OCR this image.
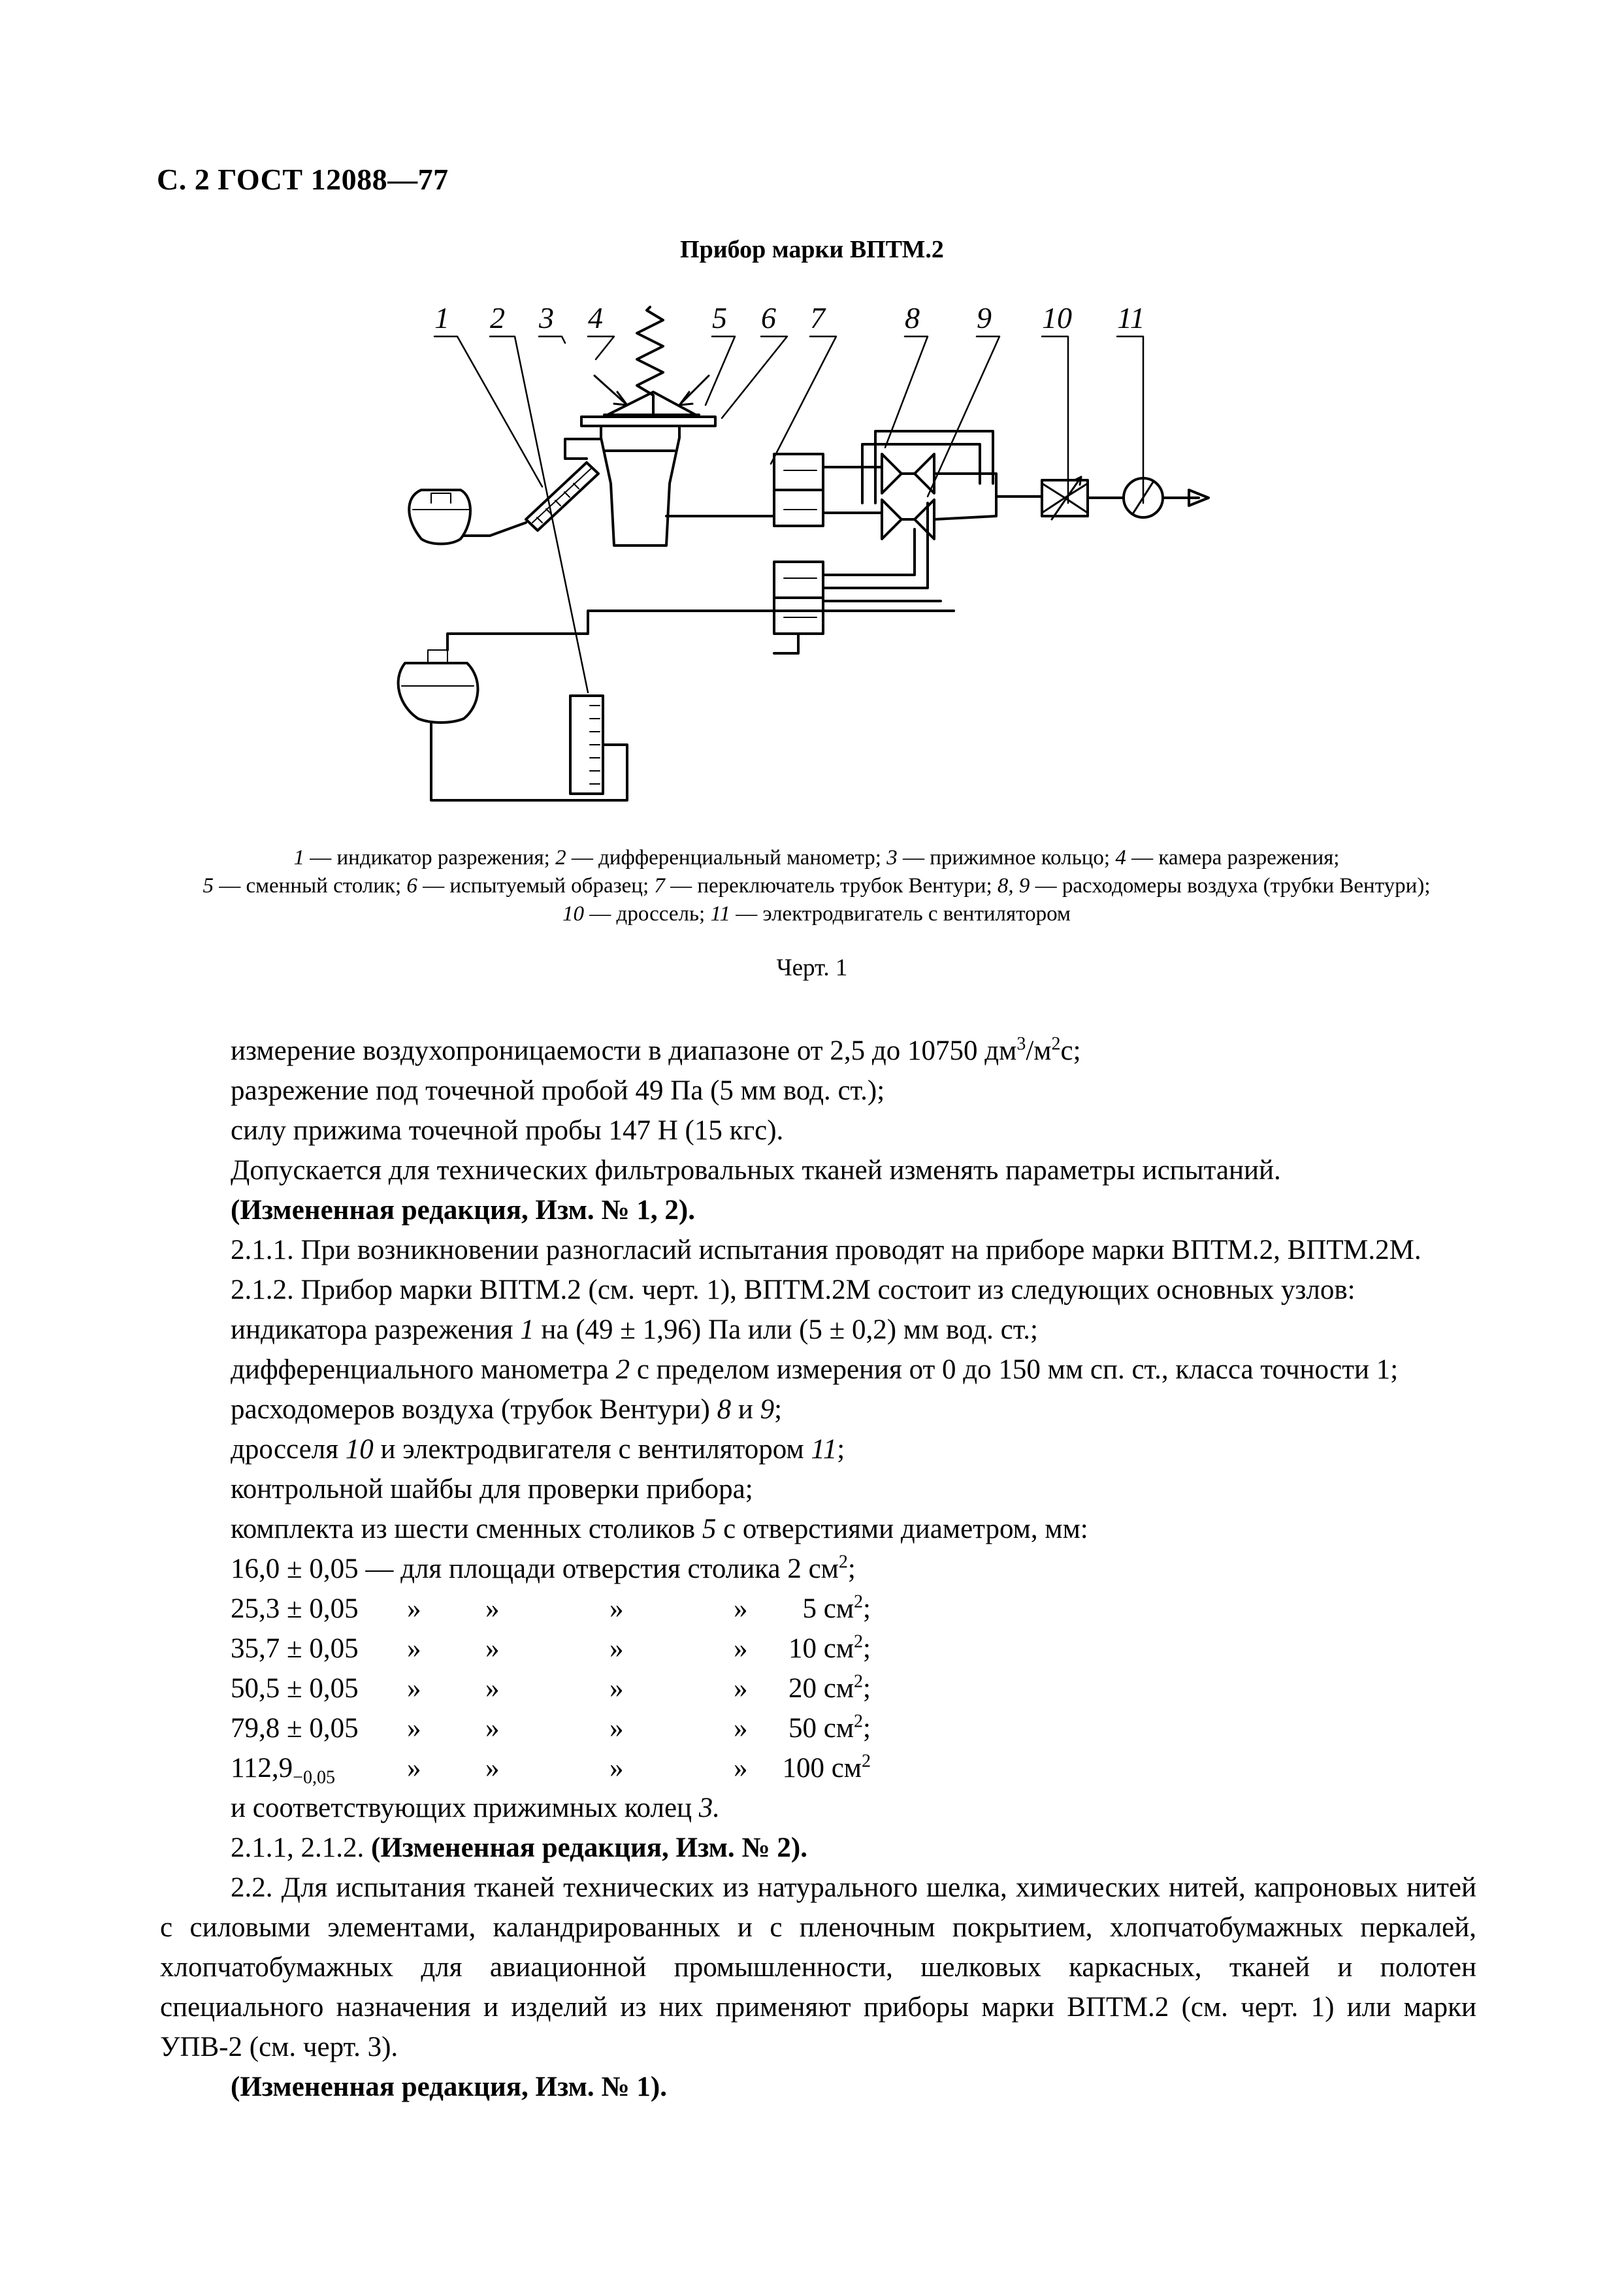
С. 2 ГОСТ 12088—77
Прибор марки ВПТМ.2
1 2 3 4	5 6 7	8 9 10 11
1 — индикатор разрежения; 2 — дифференциальный манометр; 3 — прижимное кольцо; 4 — камера разрежения;
5 — сменный столик; 6 — испытуемый образец; 7 — переключатель трубок Вентури; 8, 9 — расходомеры воздуха (трубки Вентури); 10 — дроссель; 11 — электродвигатель с вентилятором
Черт. 1

измерение воздухопроницаемости в диапазоне от 2,5 до 10750 $дм^3/м^2с$;

разрежение под точечной пробой 49 Па (5 мм вод. ст.);

силу прижима точечной пробы 147 Н (15 кгс).

Допускается для технических фильтровальных тканей изменять параметры испытаний.

(Измененная редакция, Изм. № 1, 2).

2.1.1. При возникновении разногласий испытания проводят на приборе марки ВПТМ.2, ВПТМ.2М.

2.1.2. Прибор марки ВПТМ.2 (см. черт. 1), ВПТМ.2М состоит из следующих основных узлов:

индикатора разрежения 1 на (49 ± 1,96) Па или (5 ± 0,2) мм вод. ст.;

дифференциального манометра 2 с пределом измерения от 0 до 150 мм сп. ст., класса точности 1;

расходомеров воздуха (трубок Вентури) 8 и 9;

дросселя 10 и электродвигателя с вентилятором 11;

контрольной шайбы для проверки прибора;

комплекта из шести сменных столиков 5 с отверстиями диаметром, мм:

16,0 ± 0,05 — для площади отверстия столика 2 $см^2$;

25,3 ± 0,05	»	»	»	»	5 $см^2$;
35,7 ± 0,05	»	»	»	»	10 $см^2$;
50,5 ± 0,05	»	»	»	»	20 $см^2$;
79,8 ± 0,05	»	»	»	»	50 $см^2$;
$112,9_{-0,05}$	»	»	»	»	100 $см^2$

и соответствующих прижимных колец 3.

2.1.1, 2.1.2. (Измененная редакция, Изм. № 2).

2.2. Для испытания тканей технических из натурального шелка, химических нитей, капроновых нитей с силовыми элементами, каландрированных и с пленочным покрытием, хлопчатобумажных перкалей, хлопчатобумажных для авиационной промышленности, шелковых каркасных, тканей и полотен специального назначения и изделий из них применяют приборы марки ВПТМ.2 (см. черт. 1) или марки УПВ-2 (см. черт. 3).

(Измененная редакция, Изм. № 1).
